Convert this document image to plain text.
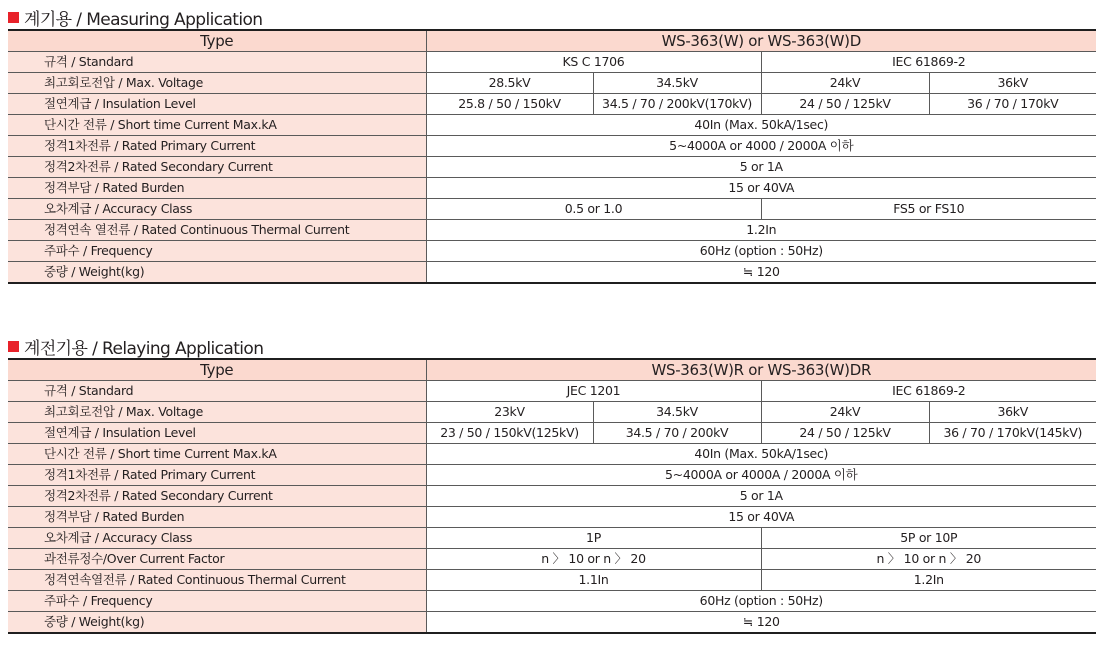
계기용 / Measuring Application
Type	WS-363(W) or WS-363(W)D			
규격 / Standard	KS C 1706		IEC 61869-2	
최고회로전압 / Max. Voltage	28.5kV	34.5kV	24kV	36kV
절연계급 / Insulation Level	25.8 / 50 / 150kV	34.5 / 70 / 200kV(170kV)	24 / 50 / 125kV	36 / 70 / 170kV
단시간 전류 / Short time Current Max.kA	40In (Max. 50kA/1sec)			
정격1차전류 / Rated Primary Current	5~4000A or 4000 / 2000A 이하			
정격2차전류 / Rated Secondary Current	5 or 1A			
정격부담 / Rated Burden	15 or 40VA			
오차계급 / Accuracy Class	0.5 or 1.0		FS5 or FS10	
정격연속 열전류 / Rated Continuous Thermal Current	1.2In			
주파수 / Frequency	60Hz (option : 50Hz)			
중량 / Weight(kg)	≒ 120			
계전기용 / Relaying Application
Type	WS-363(W)R or WS-363(W)DR			
규격 / Standard	JEC 1201		IEC 61869-2	
최고회로전압 / Max. Voltage	23kV	34.5kV	24kV	36kV
절연계급 / Insulation Level	23 / 50 / 150kV(125kV)	34.5 / 70 / 200kV	24 / 50 / 125kV	36 / 70 / 170kV(145kV)
단시간 전류 / Short time Current Max.kA	40In (Max. 50kA/1sec)			
정격1차전류 / Rated Primary Current	5~4000A or 4000A / 2000A 이하			
정격2차전류 / Rated Secondary Current	5 or 1A			
정격부담 / Rated Burden	15 or 40VA			
오차계급 / Accuracy Class	1P		5P or 10P	
과전류정수/Over Current Factor	n 〉 10 or n 〉 20		n 〉 10 or n 〉 20	
정격연속열전류 / Rated Continuous Thermal Current	1.1In		1.2In	
주파수 / Frequency	60Hz (option : 50Hz)			
중량 / Weight(kg)	≒ 120			
